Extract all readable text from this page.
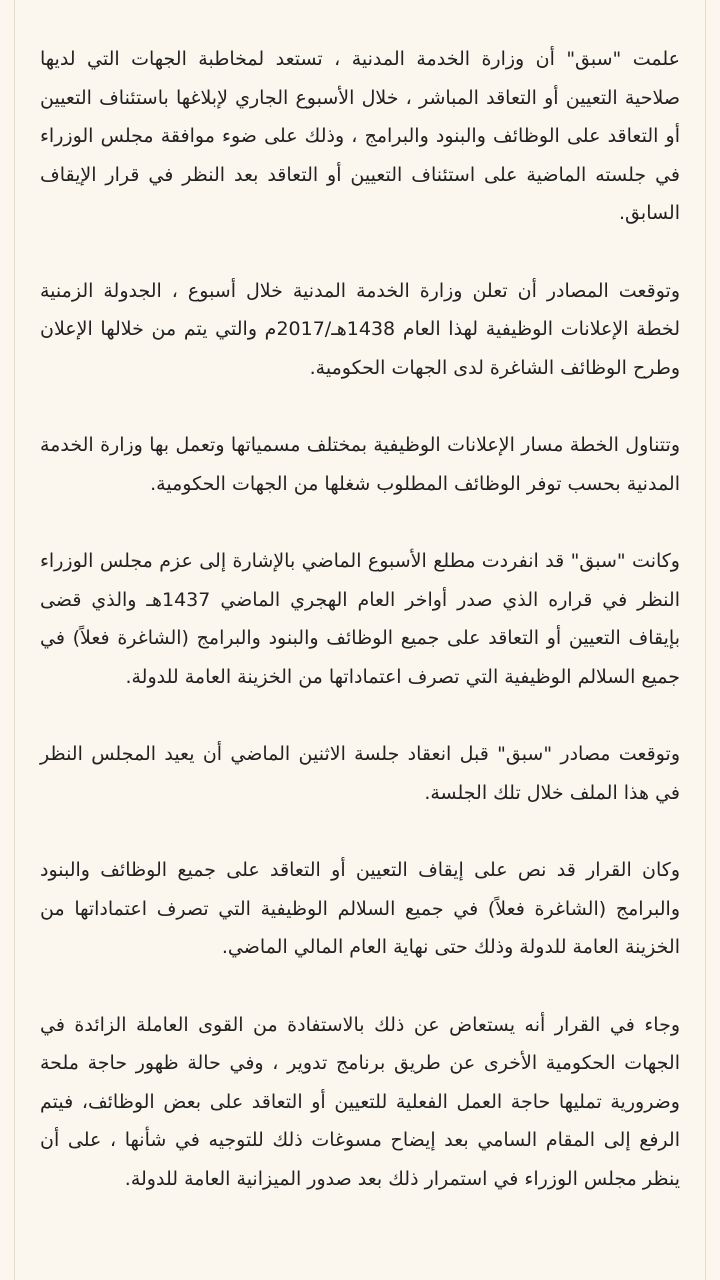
علمت "سبق" أن وزارة الخدمة المدنية ، تستعد لمخاطبة الجهات التي لديها صلاحية التعيين أو التعاقد المباشر ، خلال الأسبوع الجاري لإبلاغها باستئناف التعيين أو التعاقد على الوظائف والبنود والبرامج ، وذلك على ضوء موافقة مجلس الوزراء في جلسته الماضية على استئناف التعيين أو التعاقد بعد النظر في قرار الإيقاف السابق.

وتوقعت المصادر أن تعلن وزارة الخدمة المدنية خلال أسبوع ، الجدولة الزمنية لخطة الإعلانات الوظيفية لهذا العام 1438هـ/2017م والتي يتم من خلالها الإعلان وطرح الوظائف الشاغرة لدى الجهات الحكومية.

وتتناول الخطة مسار الإعلانات الوظيفية بمختلف مسمياتها وتعمل بها وزارة الخدمة المدنية بحسب توفر الوظائف المطلوب شغلها من الجهات الحكومية.

وكانت "سبق" قد انفردت مطلع الأسبوع الماضي بالإشارة إلى عزم مجلس الوزراء النظر في قراره الذي صدر أواخر العام الهجري الماضي 1437هـ والذي قضى بإيقاف التعيين أو التعاقد على جميع الوظائف والبنود والبرامج (الشاغرة فعلاً) في جميع السلالم الوظيفية التي تصرف اعتماداتها من الخزينة العامة للدولة.

وتوقعت مصادر "سبق" قبل انعقاد جلسة الاثنين الماضي أن يعيد المجلس النظر في هذا الملف خلال تلك الجلسة.

وكان القرار قد نص على إيقاف التعيين أو التعاقد على جميع الوظائف والبنود والبرامج (الشاغرة فعلاً) في جميع السلالم الوظيفية التي تصرف اعتماداتها من الخزينة العامة للدولة وذلك حتى نهاية العام المالي الماضي.

وجاء في القرار أنه يستعاض عن ذلك بالاستفادة من القوى العاملة الزائدة في الجهات الحكومية الأخرى عن طريق برنامج تدوير ، وفي حالة ظهور حاجة ملحة وضرورية تمليها حاجة العمل الفعلية للتعيين أو التعاقد على بعض الوظائف، فيتم الرفع إلى المقام السامي بعد إيضاح مسوغات ذلك للتوجيه في شأنها ، على أن ينظر مجلس الوزراء في استمرار ذلك بعد صدور الميزانية العامة للدولة.
